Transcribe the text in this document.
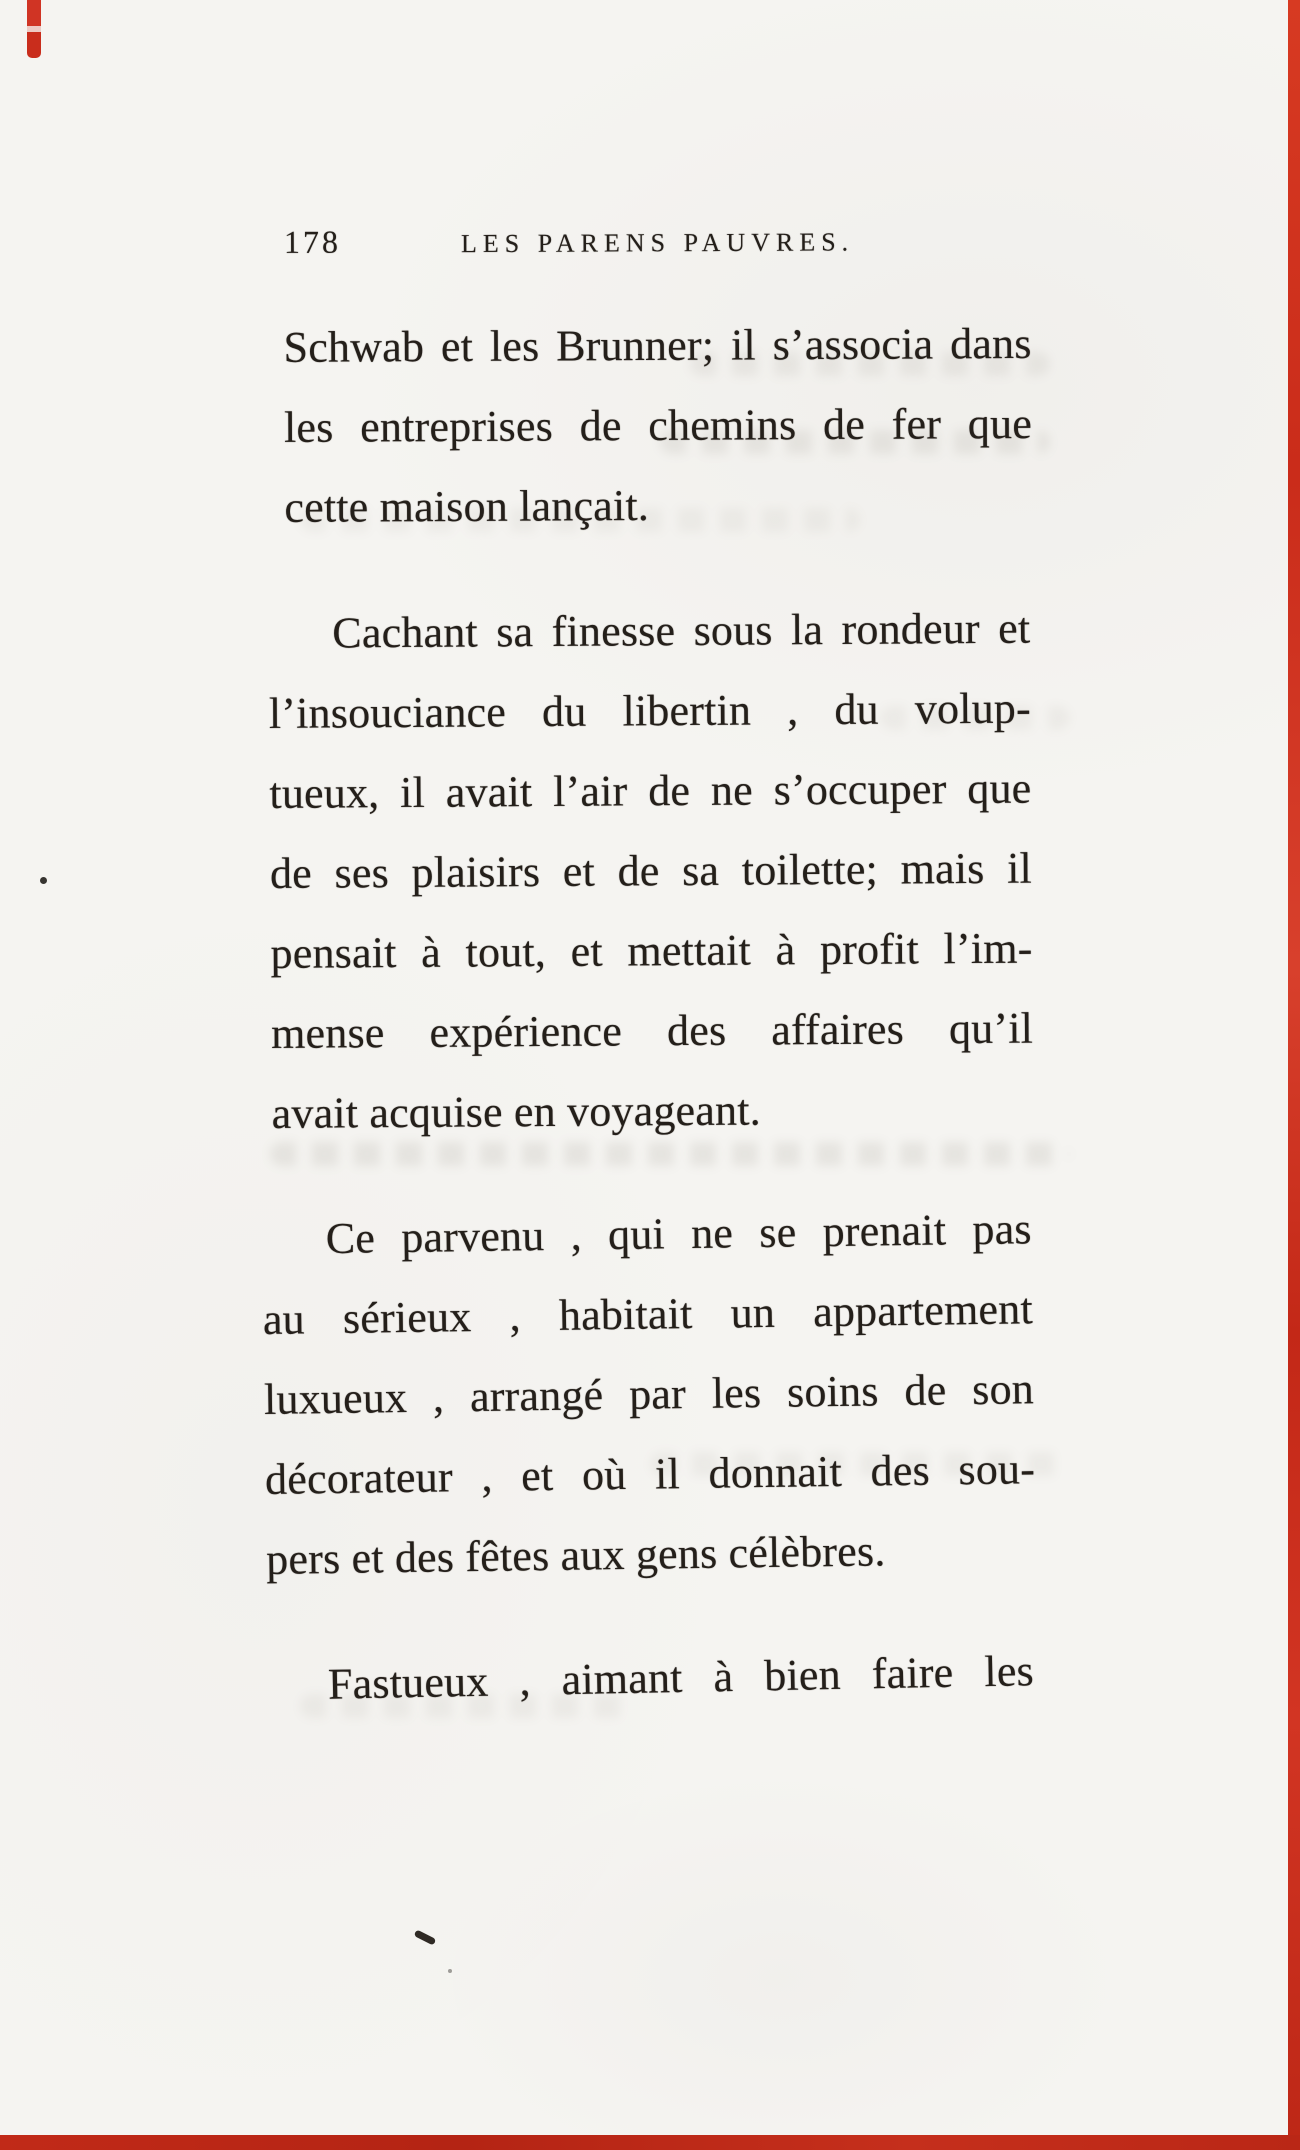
178	LES PARENS PAUVRES.
Schwab et les Brunner; il s’associa dans
les entreprises de chemins de fer que
cette maison lançait.
Cachant sa finesse sous la rondeur et
l’insouciance du libertin , du volup-
tueux, il avait l’air de ne s’occuper que
de ses plaisirs et de sa toilette; mais il
pensait à tout, et mettait à profit l’im-
mense expérience des affaires qu’il
avait acquise en voyageant.
Ce parvenu , qui ne se prenait pas
au sérieux , habitait un appartement
luxueux , arrangé par les soins de son
décorateur , et où il donnait des sou-
pers et des fêtes aux gens célèbres.
Fastueux , aimant à bien faire les
